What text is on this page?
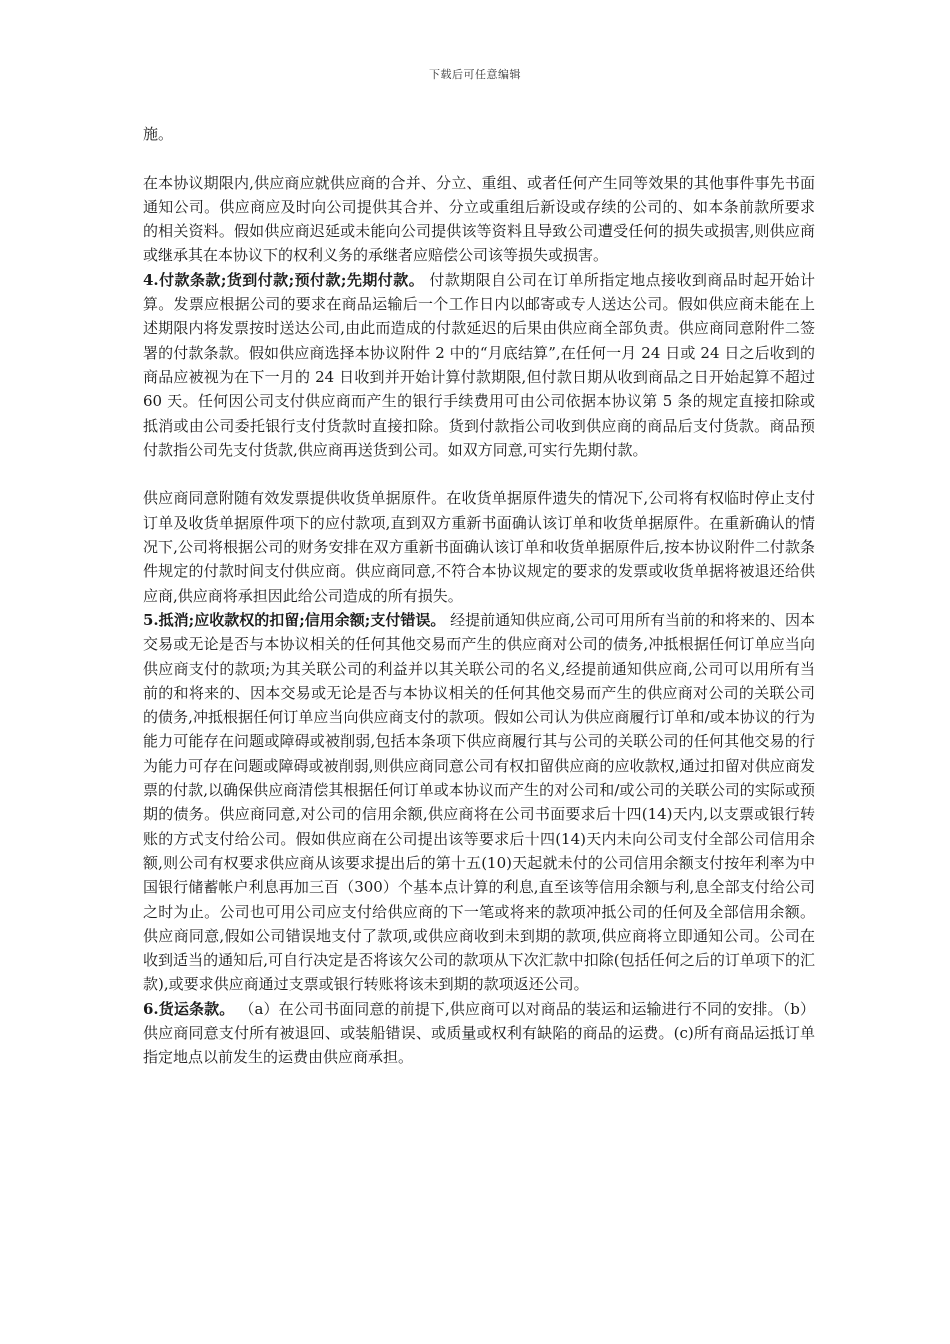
下载后可任意编辑

施。

在本协议期限内,供应商应就供应商的合并、分立、重组、或者任何产生同等效果的其他事件事先书面通知公司。供应商应及时向公司提供其合并、分立或重组后新设或存续的公司的、如本条前款所要求的相关资料。假如供应商迟延或未能向公司提供该等资料且导致公司遭受任何的损失或损害,则供应商或继承其在本协议下的权利义务的承继者应赔偿公司该等损失或损害。

4.付款条款;货到付款;预付款;先期付款。 付款期限自公司在订单所指定地点接收到商品时起开始计算。发票应根据公司的要求在商品运输后一个工作日内以邮寄或专人送达公司。假如供应商未能在上述期限内将发票按时送达公司,由此而造成的付款延迟的后果由供应商全部负责。供应商同意附件二签署的付款条款。假如供应商选择本协议附件 2 中的“月底结算”,在任何一月 24 日或 24 日之后收到的商品应被视为在下一月的 24 日收到并开始计算付款期限,但付款日期从收到商品之日开始起算不超过 60 天。任何因公司支付供应商而产生的银行手续费用可由公司依据本协议第 5 条的规定直接扣除或抵消或由公司委托银行支付货款时直接扣除。货到付款指公司收到供应商的商品后支付货款。商品预付款指公司先支付货款,供应商再送货到公司。如双方同意,可实行先期付款。

供应商同意附随有效发票提供收货单据原件。在收货单据原件遗失的情况下,公司将有权临时停止支付订单及收货单据原件项下的应付款项,直到双方重新书面确认该订单和收货单据原件。在重新确认的情况下,公司将根据公司的财务安排在双方重新书面确认该订单和收货单据原件后,按本协议附件二付款条件规定的付款时间支付供应商。供应商同意,不符合本协议规定的要求的发票或收货单据将被退还给供应商,供应商将承担因此给公司造成的所有损失。

5.抵消;应收款权的扣留;信用余额;支付错误。 经提前通知供应商,公司可用所有当前的和将来的、因本交易或无论是否与本协议相关的任何其他交易而产生的供应商对公司的债务,冲抵根据任何订单应当向供应商支付的款项;为其关联公司的利益并以其关联公司的名义,经提前通知供应商,公司可以用所有当前的和将来的、因本交易或无论是否与本协议相关的任何其他交易而产生的供应商对公司的关联公司的债务,冲抵根据任何订单应当向供应商支付的款项。假如公司认为供应商履行订单和/或本协议的行为能力可能存在问题或障碍或被削弱,包括本条项下供应商履行其与公司的关联公司的任何其他交易的行为能力可存在问题或障碍或被削弱,则供应商同意公司有权扣留供应商的应收款权,通过扣留对供应商发票的付款,以确保供应商清偿其根据任何订单或本协议而产生的对公司和/或公司的关联公司的实际或预期的债务。供应商同意,对公司的信用余额,供应商将在公司书面要求后十四(14)天内,以支票或银行转账的方式支付给公司。假如供应商在公司提出该等要求后十四(14)天内未向公司支付全部公司信用余额,则公司有权要求供应商从该要求提出后的第十五(10)天起就未付的公司信用余额支付按年利率为中国银行储蓄帐户利息再加三百（300）个基本点计算的利息,直至该等信用余额与利,息全部支付给公司之时为止。公司也可用公司应支付给供应商的下一笔或将来的款项冲抵公司的任何及全部信用余额。供应商同意,假如公司错误地支付了款项,或供应商收到未到期的款项,供应商将立即通知公司。公司在收到适当的通知后,可自行决定是否将该欠公司的款项从下次汇款中扣除(包括任何之后的订单项下的汇款),或要求供应商通过支票或银行转账将该未到期的款项返还公司。

6.货运条款。 （a）在公司书面同意的前提下,供应商可以对商品的装运和运输进行不同的安排。（b）供应商同意支付所有被退回、或装船错误、或质量或权利有缺陷的商品的运费。(c)所有商品运抵订单指定地点以前发生的运费由供应商承担。
